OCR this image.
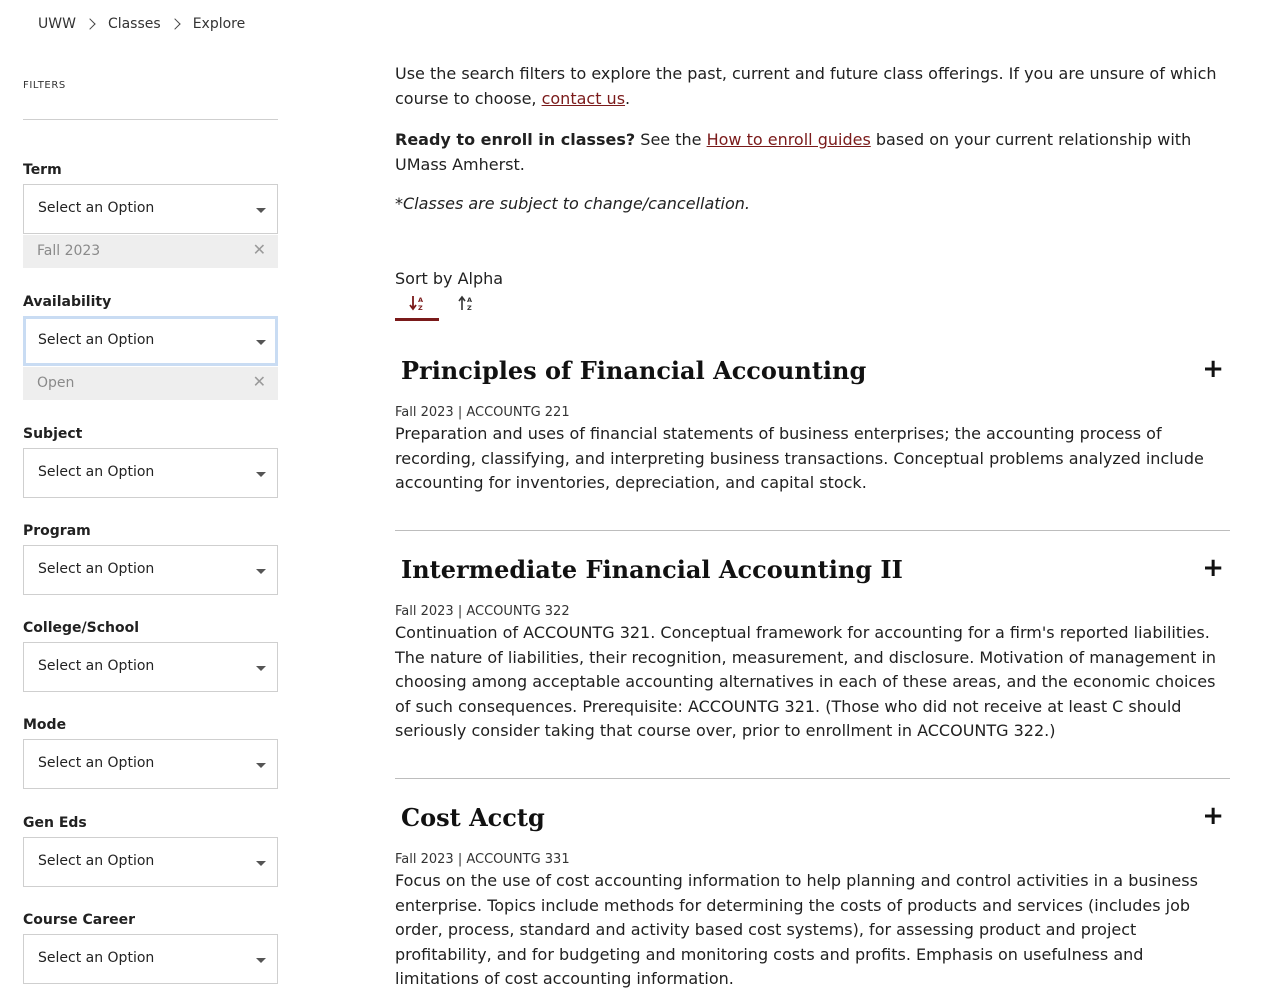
UWW Classes Explore
FILTERS
Term
Select an Option
Fall 2023	✕
Availability
Select an Option
Open	✕
Subject
Select an Option
Program
Select an Option
College/School
Select an Option
Mode
Select an Option
Gen Eds
Select an Option
Course Career
Select an Option

Use the search filters to explore the past, current and future class offerings. If you are unsure of which course to choose, contact us.

Ready to enroll in classes? See the How to enroll guides based on your current relationship with UMass Amherst.

*Classes are subject to change/cancellation.

Sort by Alpha
A
Z
A
Z
Principles of Financial Accounting	+
Fall 2023 | ACCOUNTG 221

Preparation and uses of financial statements of business enterprises; the accounting process of recording, classifying, and interpreting business transactions. Conceptual problems analyzed include accounting for inventories, depreciation, and capital stock.

Intermediate Financial Accounting II	+
Fall 2023 | ACCOUNTG 322

Continuation of ACCOUNTG 321. Conceptual framework for accounting for a firm's reported liabilities. The nature of liabilities, their recognition, measurement, and disclosure. Motivation of management in choosing among acceptable accounting alternatives in each of these areas, and the economic choices of such consequences. Prerequisite: ACCOUNTG 321. (Those who did not receive at least C should seriously consider taking that course over, prior to enrollment in ACCOUNTG 322.)

Cost Acctg	+
Fall 2023 | ACCOUNTG 331

Focus on the use of cost accounting information to help planning and control activities in a business enterprise. Topics include methods for determining the costs of products and services (includes job order, process, standard and activity based cost systems), for assessing product and project profitability, and for budgeting and monitoring costs and profits. Emphasis on usefulness and limitations of cost accounting information.
